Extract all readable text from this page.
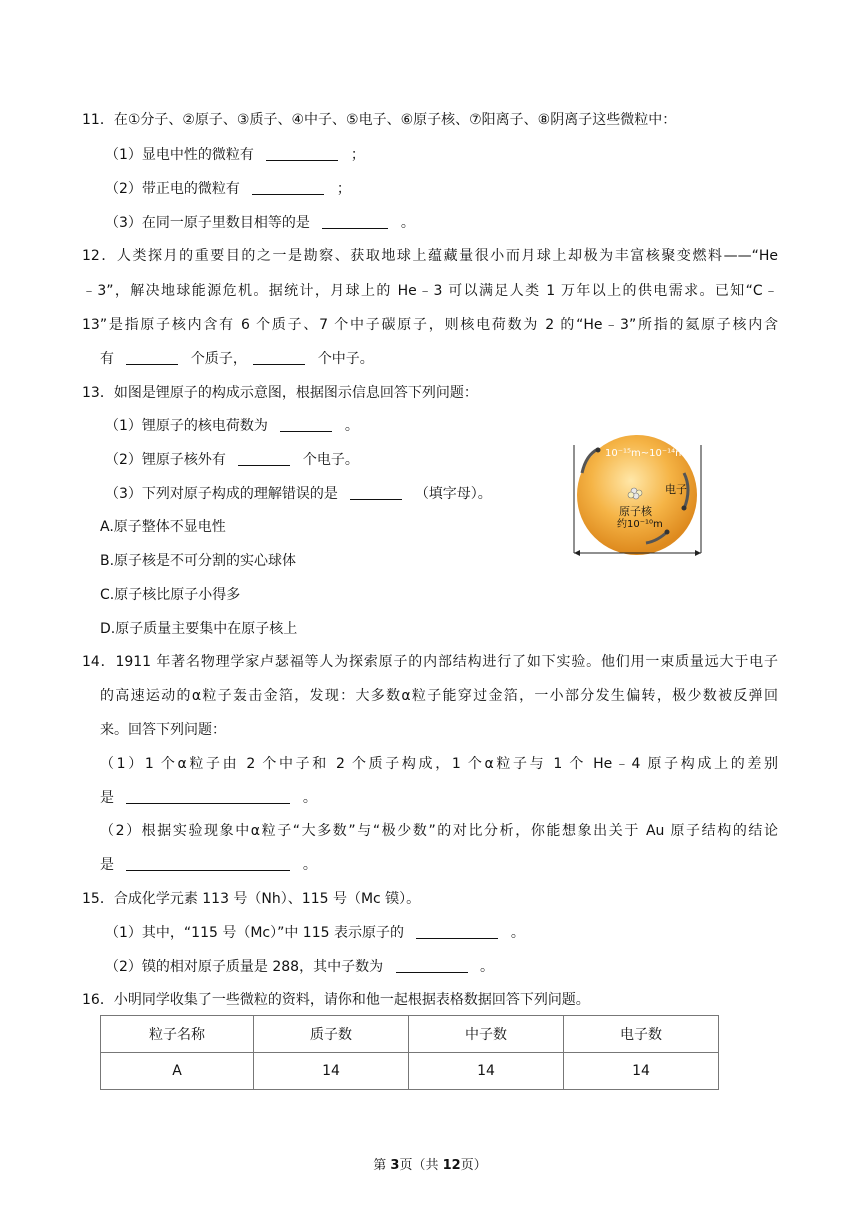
11．在①分子、②原子、③质子、④中子、⑤电子、⑥原子核、⑦阳离子、⑧阴离子这些微粒中：
（1）显电中性的微粒有	；
（2）带正电的微粒有	；
（3）在同一原子里数目相等的是	。
12．人类探月的重要目的之一是勘察、获取地球上蕴藏量很小而月球上却极为丰富核聚变燃料——“He
﹣3”，解决地球能源危机。据统计，月球上的 He﹣3 可以满足人类 1 万年以上的供电需求。已知“C﹣
13”是指原子核内含有 6 个质子、7 个中子碳原子，则核电荷数为 2 的“He﹣3”所指的氦原子核内含
有	个质子，	个中子。
13．如图是锂原子的构成示意图，根据图示信息回答下列问题：
（1）锂原子的核电荷数为	。
（2）锂原子核外有	个电子。
（3）下列对原子构成的理解错误的是	（填字母）。
A.原子整体不显电性
B.原子核是不可分割的实心球体
C.原子核比原子小得多
D.原子质量主要集中在原子核上
10⁻¹⁵m~10⁻¹⁴m
电子
原子核
约10⁻¹⁰m
14．1911 年著名物理学家卢瑟福等人为探索原子的内部结构进行了如下实验。他们用一束质量远大于电子
的高速运动的α粒子轰击金箔，发现：大多数α粒子能穿过金箔，一小部分发生偏转，极少数被反弹回
来。回答下列问题：
（1）1 个α粒子由 2 个中子和 2 个质子构成，1 个α粒子与 1 个 He﹣4 原子构成上的差别
是	。
（2）根据实验现象中α粒子“大多数”与“极少数”的对比分析，你能想象出关于 Au 原子结构的结论
是	。
15．合成化学元素 113 号（Nh）、115 号（Mc 镆）。
（1）其中，“115 号（Mc）”中 115 表示原子的	。
（2）镆的相对原子质量是 288，其中子数为	。
16．小明同学收集了一些微粒的资料，请你和他一起根据表格数据回答下列问题。
粒子名称	质子数	中子数	电子数
A	14	14	14
第 3页（共 12页）
